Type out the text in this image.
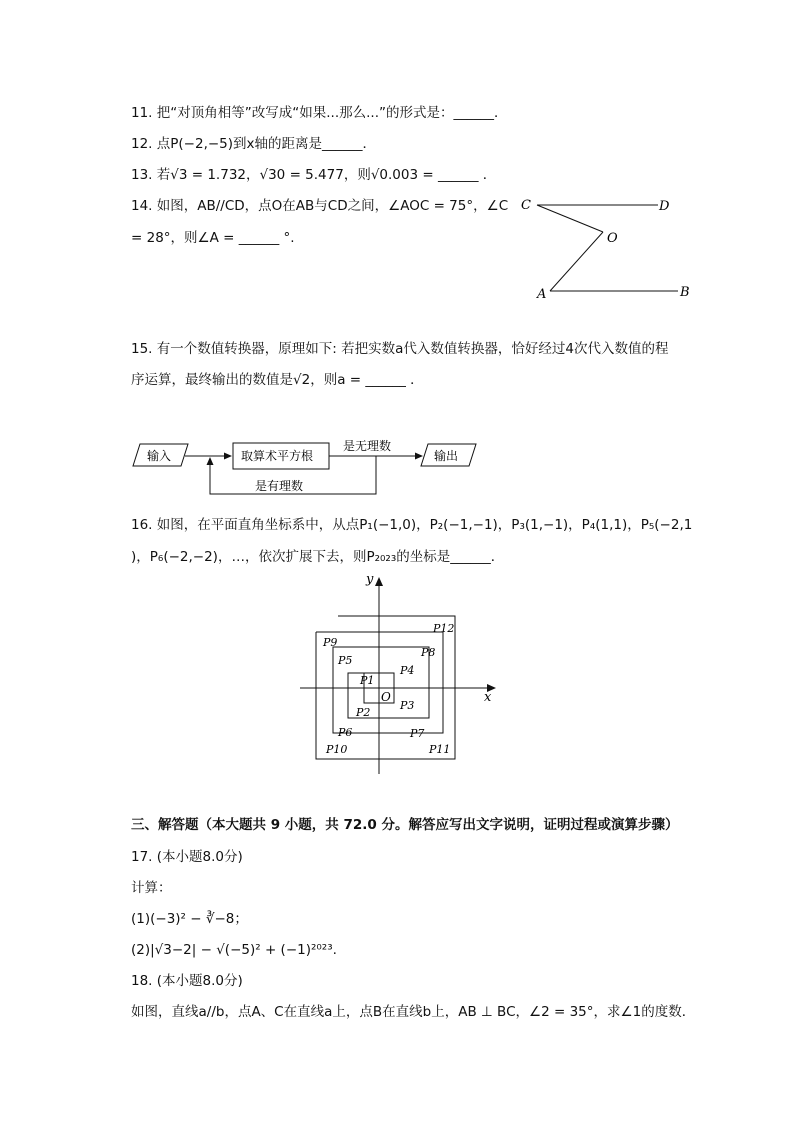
11. 把“对顶角相等”改写成“如果...那么...”的形式是：______．
12. 点P(−2,−5)到x轴的距离是______．
13. 若√3 = 1.732，√30 = 5.477，则√0.003 = ______ ．
14. 如图，AB//CD，点O在AB与CD之间，∠AOC = 75°，∠C
= 28°，则∠A = ______ °.
C	D
O
A	B
15. 有一个数值转换器，原理如下: 若把实数a代入数值转换器，恰好经过4次代入数值的程
序运算，最终输出的数值是√2，则a = ______ ．
输入	取算术平方根
是无理数
输出
是有理数
16. 如图，在平面直角坐标系中，从点P₁(−1,0)，P₂(−1,−1)，P₃(1,−1)，P₄(1,1)，P₅(−2,1
)，P₆(−2,−2)，…，依次扩展下去，则P₂₀₂₃的坐标是______．
y
x
O
P1
P2
P3
P4
P5
P6	P7
P8
P9
P10	P11
P12
三、解答题（本大题共 9 小题，共 72.0 分。解答应写出文字说明，证明过程或演算步骤）
17. (本小题8.0分)
计算：
(1)(−3)² − ∛−8；
(2)|√3−2| − √(−5)² + (−1)²⁰²³.
18. (本小题8.0分)
如图，直线a//b，点A、C在直线a上，点B在直线b上，AB ⊥ BC，∠2 = 35°，求∠1的度数．
